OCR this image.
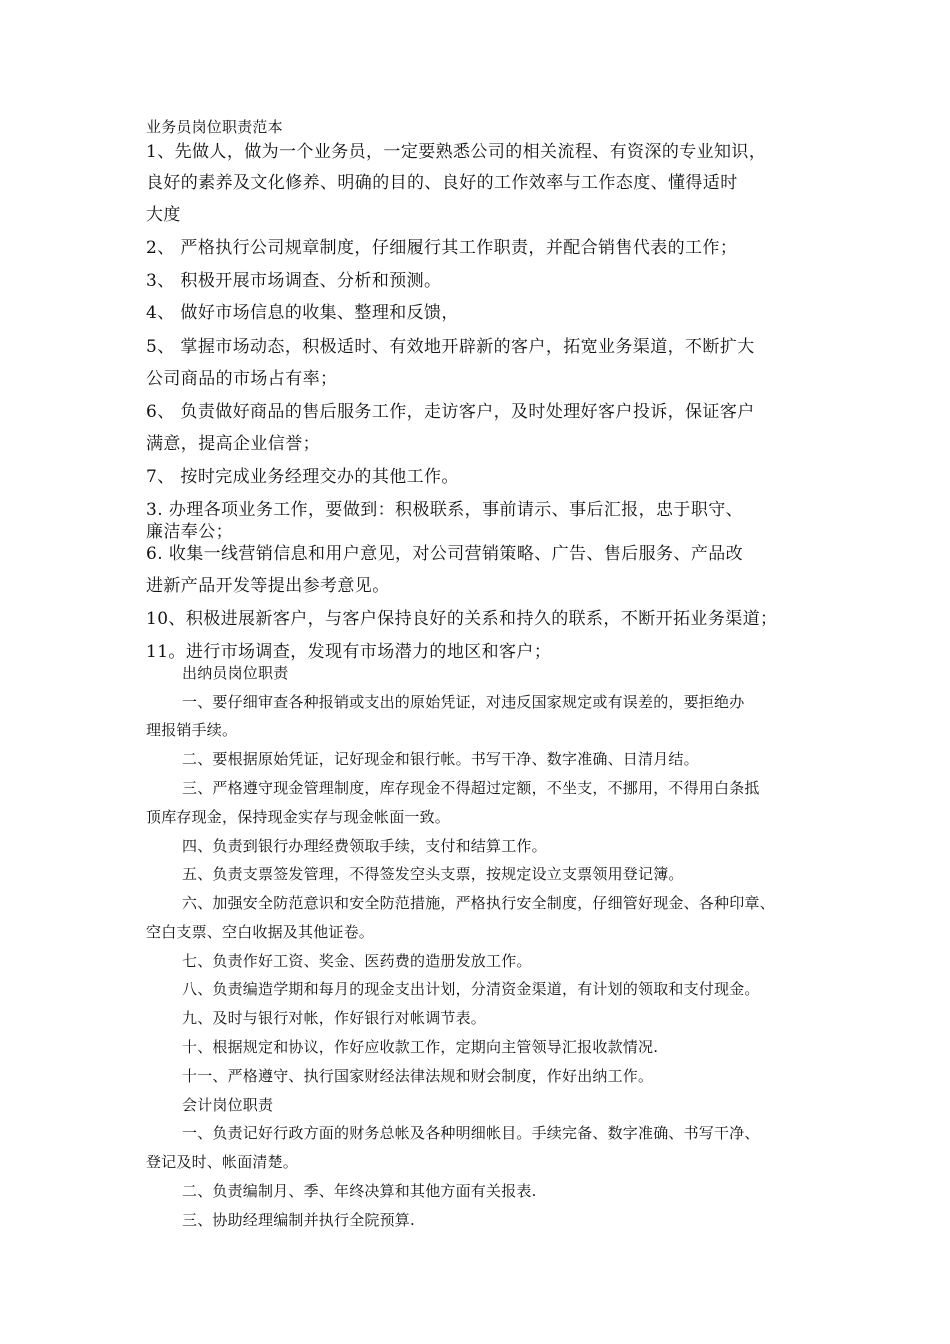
业务员岗位职责范本

1、先做人，做为一个业务员，一定要熟悉公司的相关流程、有资深的专业知识，

良好的素养及文化修养、明确的目的、良好的工作效率与工作态度、懂得适时

大度

2、 严格执行公司规章制度，仔细履行其工作职责，并配合销售代表的工作；

3、 积极开展市场调查、分析和预测。

4、 做好市场信息的收集、整理和反馈，

5、 掌握市场动态，积极适时、有效地开辟新的客户，拓宽业务渠道，不断扩大

公司商品的市场占有率；

6、 负责做好商品的售后服务工作，走访客户，及时处理好客户投诉，保证客户

满意，提高企业信誉；

7、 按时完成业务经理交办的其他工作。

3. 办理各项业务工作，要做到：积极联系，事前请示、事后汇报，忠于职守、

廉洁奉公；

6. 收集一线营销信息和用户意见，对公司营销策略、广告、售后服务、产品改

进新产品开发等提出参考意见。

10、积极进展新客户，与客户保持良好的关系和持久的联系，不断开拓业务渠道；

11。进行市场调查，发现有市场潜力的地区和客户；

出纳员岗位职责

一、要仔细审查各种报销或支出的原始凭证，对违反国家规定或有误差的，要拒绝办

理报销手续。

二、要根据原始凭证，记好现金和银行帐。书写干净、数字准确、日清月结。

三、严格遵守现金管理制度，库存现金不得超过定额，不坐支，不挪用，不得用白条抵

顶库存现金，保持现金实存与现金帐面一致。

四、负责到银行办理经费领取手续，支付和结算工作。

五、负责支票签发管理，不得签发空头支票，按规定设立支票领用登记簿。

六、加强安全防范意识和安全防范措施，严格执行安全制度，仔细管好现金、各种印章、

空白支票、空白收据及其他证卷。

七、负责作好工资、奖金、医药费的造册发放工作。

八、负责编造学期和每月的现金支出计划，分清资金渠道，有计划的领取和支付现金。

九、及时与银行对帐，作好银行对帐调节表。

十、根据规定和协议，作好应收款工作，定期向主管领导汇报收款情况.

十一、严格遵守、执行国家财经法律法规和财会制度，作好出纳工作。

会计岗位职责

一、负责记好行政方面的财务总帐及各种明细帐目。手续完备、数字准确、书写干净、

登记及时、帐面清楚。

二、负责编制月、季、年终决算和其他方面有关报表.

三、协助经理编制并执行全院预算.
